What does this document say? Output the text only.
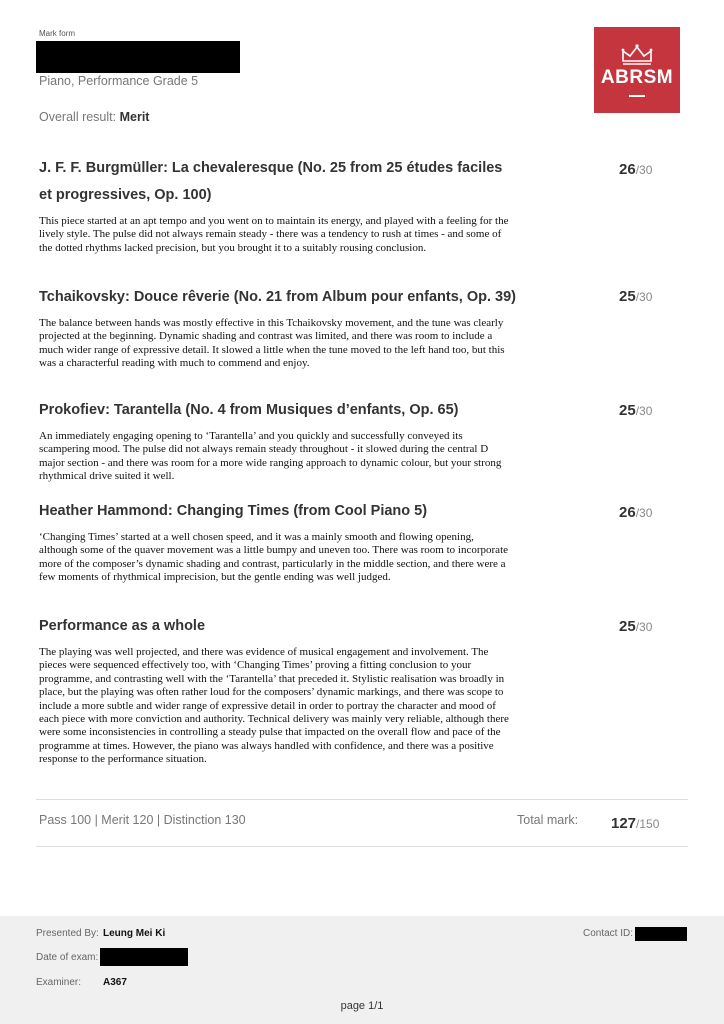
Mark form
Piano, Performance Grade 5
Overall result: Merit
ABRSM
J. F. F. Burgmüller: La chevaleresque (No. 25 from 25 études faciles et progressives, Op. 100)
This piece started at an apt tempo and you went on to maintain its energy, and played with a feeling for the lively style. The pulse did not always remain steady - there was a tendency to rush at times - and some of the dotted rhythms lacked precision, but you brought it to a suitably rousing conclusion.
26/30
Tchaikovsky: Douce rêverie (No. 21 from Album pour enfants, Op. 39)
The balance between hands was mostly effective in this Tchaikovsky movement, and the tune was clearly projected at the beginning. Dynamic shading and contrast was limited, and there was room to include a much wider range of expressive detail. It slowed a little when the tune moved to the left hand too, but this was a characterful reading with much to commend and enjoy.
25/30
Prokofiev: Tarantella (No. 4 from Musiques d’enfants, Op. 65)
An immediately engaging opening to ‘Tarantella’ and you quickly and successfully conveyed its scampering mood. The pulse did not always remain steady throughout - it slowed during the central D major section - and there was room for a more wide ranging approach to dynamic colour, but your strong rhythmical drive suited it well.
25/30
Heather Hammond: Changing Times (from Cool Piano 5)
‘Changing Times’ started at a well chosen speed, and it was a mainly smooth and flowing opening, although some of the quaver movement was a little bumpy and uneven too. There was room to incorporate more of the composer’s dynamic shading and contrast, particularly in the middle section, and there were a few moments of rhythmical imprecision, but the gentle ending was well judged.
26/30
Performance as a whole
The playing was well projected, and there was evidence of musical engagement and involvement. The pieces were sequenced effectively too, with ‘Changing Times’ proving a fitting conclusion to your programme, and contrasting well with the ‘Tarantella’ that preceded it. Stylistic realisation was broadly in place, but the playing was often rather loud for the composers’ dynamic markings, and there was scope to include a more subtle and wider range of expressive detail in order to portray the character and mood of each piece with more conviction and authority. Technical delivery was mainly very reliable, although there were some inconsistencies in controlling a steady pulse that impacted on the overall flow and pace of the programme at times. However, the piano was always handled with confidence, and there was a positive response to the performance situation.
25/30
Pass 100 | Merit 120 | Distinction 130	Total mark: 127/150
Presented By: Leung Mei Ki
Date of exam:
Examiner: A367
Contact ID:
page 1/1
